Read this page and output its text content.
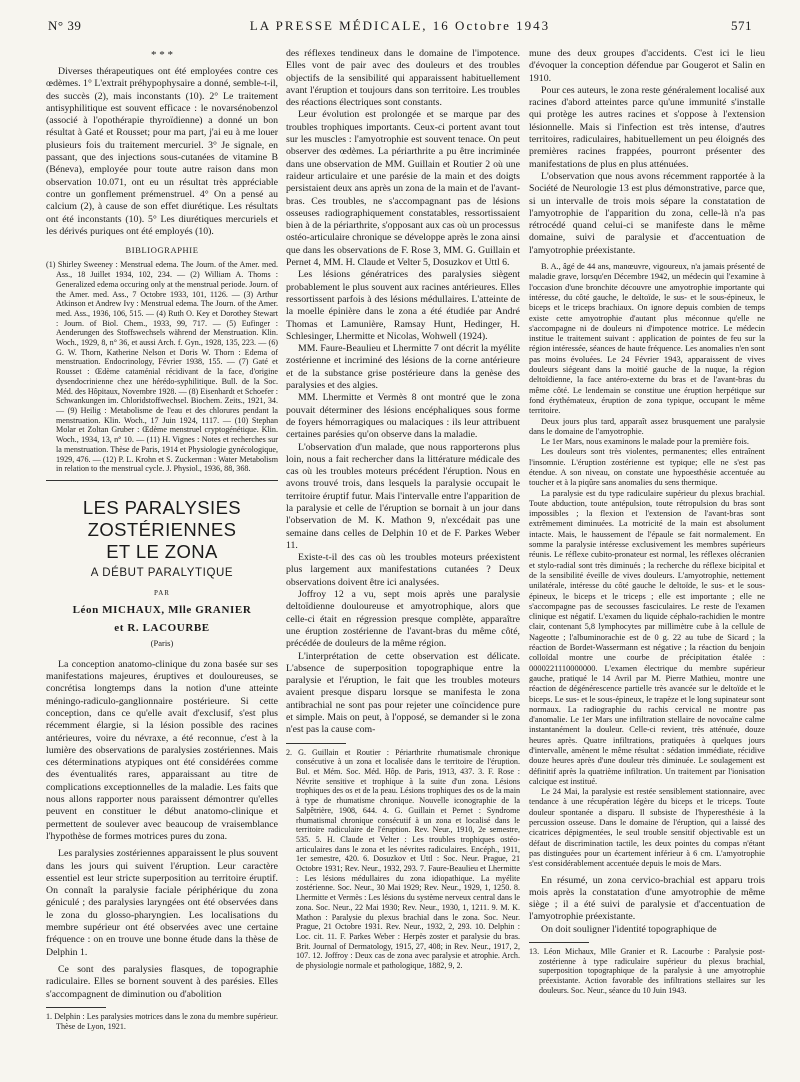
N° 39	LA PRESSE MÉDICALE, 16 Octobre 1943	571
* * *

Diverses thérapeutiques ont été employées contre ces œdèmes. 1° L'extrait préhypophysaire a donné, semble-t-il, des succès (2), mais inconstants (10). 2° Le traitement antisyphilitique est souvent efficace : le novarsénobenzol (associé à l'opothérapie thyroïdienne) a donné un bon résultat à Gaté et Rousset; pour ma part, j'ai eu à me louer plusieurs fois du traitement mercuriel. 3° Je signale, en passant, que des injections sous-cutanées de vitamine B (Béneva), employée pour toute autre raison dans mon observation 10.071, ont eu un résultat très appréciable contre un gonflement prémenstruel. 4° On a pensé au calcium (2), à cause de son effet diurétique. Les résultats ont été inconstants (10). 5° Les diurétiques mercuriels et les dérivés puriques ont été employés (10).

BIBLIOGRAPHIE

(1) Shirley Sweeney : Menstrual edema. The Journ. of the Amer. med. Ass., 18 Juillet 1934, 102, 234. — (2) William A. Thoms : Generalized edema occuring only at the menstrual periode. Journ. of the Amer. med. Ass., 7 Octobre 1933, 101, 1126. — (3) Arthur Atkinson et Andrew Ivy : Menstrual edema. The Journ. of the Amer. med. Ass., 1936, 106, 515. — (4) Ruth O. Key et Dorothey Stewart : Journ. of Biol. Chem., 1933, 99, 717. — (5) Eufinger : Aenderungen des Stoffswechsels während der Menstruation. Klin. Woch., 1929, 8, n° 36, et aussi Arch. f. Gyn., 1928, 135, 223. — (6) G. W. Thorn, Katherine Nelson et Doris W. Thorn : Edema of menstruation. Endocrinology, Février 1938, 155. — (7) Gaté et Rousset : Œdème cataménial récidivant de la face, d'origine dysendocrinienne chez une hérédo-syphilitique. Bull. de la Soc. Méd. des Hôpitaux, Novembre 1928. — (8) Eisenhardt et Schoefer : Schwankungen im. Chloridstoffwechsel. Biochem. Zeits., 1921, 34. — (9) Heilig : Metabolisme de l'eau et des chlorures pendant la menstruation. Klin. Woch., 17 Juin 1924, 1117. — (10) Stephan Molar et Zoltan Gruber : Œdème menstruel cryptogénétique. Klin. Woch., 1934, 13, n° 10. — (11) H. Vignes : Notes et recherches sur la menstruation. Thèse de Paris, 1914 et Physiologie gynécologique, 1929, 476. — (12) P. L. Krohn et S. Zuckerman : Water Metabolism in relation to the menstrual cycle. J. Physiol., 1936, 88, 368.

LES PARALYSIES ZOSTÉRIENNES
ET LE ZONA
A DÉBUT PARALYTIQUE
PAR
Léon MICHAUX, Mlle GRANIER
et R. LACOURBE
(Paris)

La conception anatomo-clinique du zona basée sur ses manifestations majeures, éruptives et douloureuses, se concrétisa longtemps dans la notion d'une atteinte méningo-radiculo-ganglionnaire postérieure. Si cette conception, dans ce qu'elle avait d'exclusif, s'est plus récemment élargie, si la lésion possible des racines antérieures, voire du névraxe, a été reconnue, c'est à la lumière des observations de paralysies zostériennes. Mais ces déterminations atypiques ont été considérées comme des éventualités rares, apparaissant au titre de complications exceptionnelles de la maladie. Les faits que nous allons rapporter nous paraissent démontrer qu'elles peuvent en constituer le début anatomo-clinique et permettent de soulever avec beaucoup de vraisemblance l'hypothèse de formes motrices pures du zona.

Les paralysies zostériennes apparaissent le plus souvent dans les jours qui suivent l'éruption. Leur caractère essentiel est leur stricte superposition au territoire éruptif. On connaît la paralysie faciale périphérique du zona géniculé ; des paralysies laryngées ont été observées dans le zona du glosso-pharyngien. Les localisations du membre supérieur ont été observées avec une certaine fréquence : on en trouve une bonne étude dans la thèse de Delphin 1.

Ce sont des paralysies flasques, de topographie radiculaire. Elles se bornent souvent à des parésies. Elles s'accompagnent de diminution ou d'abolition

1. Delphin : Les paralysies motrices dans le zona du membre supérieur. Thèse de Lyon, 1921.

des réflexes tendineux dans le domaine de l'impotence. Elles vont de pair avec des douleurs et des troubles objectifs de la sensibilité qui apparaissent habituellement avant l'éruption et toujours dans son territoire. Les troubles des réactions électriques sont constants.

Leur évolution est prolongée et se marque par des troubles trophiques importants. Ceux-ci portent avant tout sur les muscles : l'amyotrophie est souvent tenace. On peut observer des œdèmes. La périarthrite a pu être incriminée dans une observation de MM. Guillain et Routier 2 où une raideur articulaire et une parésie de la main et des doigts persistaient deux ans après un zona de la main et de l'avant-bras. Ces troubles, ne s'accompagnant pas de lésions osseuses radiographiquement constatables, ressortissaient bien à de la périarthrite, s'opposant aux cas où un processus ostéo-articulaire chronique se développe après le zona ainsi que dans les observations de F. Rose 3, MM. G. Guillain et Pernet 4, MM. H. Claude et Velter 5, Dosuzkov et Uttl 6.

Les lésions génératrices des paralysies siègent probablement le plus souvent aux racines antérieures. Elles ressortissent parfois à des lésions médullaires. L'atteinte de la moelle épinière dans le zona a été étudiée par André Thomas et Lamunière, Ramsay Hunt, Hedinger, H. Schlesinger, Lhermitte et Nicolas, Wohwell (1924).

MM. Faure-Beaulieu et Lhermitte 7 ont décrit la myélite zostérienne et incriminé des lésions de la corne antérieure et de la substance grise postérieure dans la genèse des paralysies et des algies.

MM. Lhermitte et Vermès 8 ont montré que le zona pouvait déterminer des lésions encéphaliques sous forme de foyers hémorragiques ou malaciques : ils leur attribuent certaines parésies qu'on observe dans la maladie.

L'observation d'un malade, que nous rapporterons plus loin, nous a fait rechercher dans la littérature médicale des cas où les troubles moteurs précédent l'éruption. Nous en avons trouvé trois, dans lesquels la paralysie occupait le territoire éruptif futur. Mais l'intervalle entre l'apparition de la paralysie et celle de l'éruption se bornait à un jour dans l'observation de M. K. Mathon 9, n'excédait pas une semaine dans celles de Delphin 10 et de F. Parkes Weber 11.

Existe-t-il des cas où les troubles moteurs préexistent plus largement aux manifestations cutanées ? Deux observations doivent être ici analysées.

Joffroy 12 a vu, sept mois après une paralysie deltoïdienne douloureuse et amyotrophique, alors que celle-ci était en régression presque complète, apparaître une éruption zostérienne de l'avant-bras du même côté, précédée de douleurs de la même région.

L'interprétation de cette observation est délicate. L'absence de superposition topographique entre la paralysie et l'éruption, le fait que les troubles moteurs avaient presque disparu lorsque se manifesta le zona antibrachial ne sont pas pour rejeter une coïncidence pure et simple. Mais on peut, à l'opposé, se demander si le zona n'est pas la cause com-

2. G. Guillain et Routier : Périarthrite rhumatismale chronique consécutive à un zona et localisée dans le territoire de l'éruption. Bul. et Mém. Soc. Méd. Hôp. de Paris, 1913, 437. 3. F. Rose : Névrite sensitive et trophique à la suite d'un zona. Lésions trophiques des os et de la peau. Lésions trophiques des os de la main à type de rhumatisme chronique. Nouvelle iconographie de la Salpêtrière, 1908, 644. 4. G. Guillain et Pernet : Syndrome rhumatismal chronique consécutif à un zona et localisé dans le territoire radiculaire de l'éruption. Rev. Neur., 1910, 2e semestre, 535. 5. H. Claude et Velter : Les troubles trophiques ostéo-articulaires dans le zona et les névrites radiculaires. Encéph., 1911, 1er semestre, 420. 6. Dosuzkov et Uttl : Soc. Neur. Prague, 21 Octobre 1931; Rev. Neur., 1932, 293. 7. Faure-Beaulieu et Lhermitte : Les lésions médullaires du zona idiopathique. La myélite zostérienne. Soc. Neur., 30 Mai 1929; Rev. Neur., 1929, 1, 1250. 8. Lhermitte et Vermès : Les lésions du système nerveux central dans le zona. Soc. Neur., 22 Mai 1930; Rev. Neur., 1930, 1, 1211. 9. M. K. Mathon : Paralysie du plexus brachial dans le zona. Soc. Neur. Prague, 21 Octobre 1931. Rev. Neur., 1932, 2, 293. 10. Delphin : Loc. cit. 11. F. Parkes Weber : Herpès zoster et paralysie du bras. Brit. Journal of Dermatology, 1915, 27, 408; in Rev. Neur., 1917, 2, 107. 12. Joffroy : Deux cas de zona avec paralysie et atrophie. Arch. de physiologie normale et pathologique, 1882, 9, 2.

mune des deux groupes d'accidents. C'est ici le lieu d'évoquer la conception défendue par Gougerot et Salin en 1910.

Pour ces auteurs, le zona reste généralement localisé aux racines d'abord atteintes parce qu'une immunité s'installe qui protège les autres racines et s'oppose à l'extension lésionnelle. Mais si l'infection est très intense, d'autres territoires, radiculaires, habituellement un peu éloignés des premières racines frappées, pourront présenter des manifestations de plus en plus atténuées.

L'observation que nous avons récemment rapportée à la Société de Neurologie 13 est plus démonstrative, parce que, si un intervalle de trois mois sépare la constatation de l'amyotrophie de l'apparition du zona, celle-là n'a pas rétrocédé quand celui-ci se manifeste dans le même domaine, suivi de paralysie et d'accentuation de l'amyotrophie préexistante.

B. A., âgé de 44 ans, manœuvre, vigoureux, n'a jamais présenté de maladie grave, lorsqu'en Décembre 1942, un médecin qui l'examine à l'occasion d'une bronchite découvre une amyotrophie importante qui intéresse, du côté gauche, le deltoïde, le sus- et le sous-épineux, le biceps et le triceps brachiaux. On ignore depuis combien de temps existe cette amyotrophie d'autant plus méconnue qu'elle ne s'accompagne ni de douleurs ni d'impotence motrice. Le médecin institue le traitement suivant : application de pointes de feu sur la région intéressée, séances de haute fréquence. Les anomalies n'en sont pas moins évoluées. Le 24 Février 1943, apparaissent de vives douleurs siégeant dans la moitié gauche de la nuque, la région deltoïdienne, la face antéro-externe du bras et de l'avant-bras du même côté. Le lendemain se constitue une éruption herpétique sur fond érythémateux, éruption de zona typique, occupant le même territoire.

Deux jours plus tard, apparaît assez brusquement une paralysie dans le domaine de l'amyotrophie.

Le 1er Mars, nous examinons le malade pour la première fois.

Les douleurs sont très violentes, permanentes; elles entraînent l'insomnie. L'éruption zostérienne est typique; elle ne s'est pas étendue. A son niveau, on constate une hypoesthésie accentuée au toucher et à la piqûre sans anomalies du sens thermique.

La paralysie est du type radiculaire supérieur du plexus brachial. Toute abduction, toute antépulsion, toute rétropulsion du bras sont impossibles ; la flexion et l'extension de l'avant-bras sont extrêmement diminuées. La motricité de la main est absolument intacte. Mais, le haussement de l'épaule se fait normalement. En somme la paralysie intéresse exclusivement les membres supérieurs réunis. Le réflexe cubito-pronateur est normal, les réflexes olécranien et stylo-radial sont très diminués ; la recherche du réflexe bicipital et de la sensibilité éveille de vives douleurs. L'amyotrophie, nettement unilatérale, intéresse du côté gauche le deltoïde, le sus- et le sous-épineux, le biceps et le triceps ; elle est importante ; elle ne s'accompagne pas de secousses fasciculaires. Le reste de l'examen clinique est négatif. L'examen du liquide céphalo-rachidien le montre clair, contenant 5,8 lymphocytes par millimètre cube à la cellule de Nageotte ; l'albuminorachie est de 0 g. 22 au tube de Sicard ; la réaction de Bordet-Wassermann est négative ; la réaction du benjoin colloïdal montre une courbe de précipitation étalée : 0000221110000000. L'examen électrique du membre supérieur gauche, pratiqué le 14 Avril par M. Pierre Mathieu, montre une réaction de dégénérescence partielle très avancée sur le deltoïde et le biceps. Le sus- et le sous-épineux, le trapèze et le long supinateur sont normaux. La radiographie du rachis cervical ne montre pas d'anomalie. Le 1er Mars une infiltration stellaire de novocaïne calme instantanément la douleur. Celle-ci revient, très atténuée, douze heures après. Quatre infiltrations, pratiquées à quelques jours d'intervalle, amènent le même résultat : sédation immédiate, récidive douze heures après d'une douleur très diminuée. Le soulagement est définitif après la quatrième infiltration. Un traitement par l'ionisation calcique est institué.

Le 24 Mai, la paralysie est restée sensiblement stationnaire, avec tendance à une récupération légère du biceps et le triceps. Toute douleur spontanée a disparu. Il subsiste de l'hyperesthésie à la percussion osseuse. Dans le domaine de l'éruption, qui a laissé des cicatrices dépigmentées, le seul trouble sensitif objectivable est un défaut de discrimination tactile, les deux pointes du compas n'étant pas distinguées pour un écartement inférieur à 6 cm. L'amyotrophie s'est considérablement accentuée depuis le mois de Mars.

En résumé, un zona cervico-brachial est apparu trois mois après la constatation d'une amyotrophie de même siège ; il a été suivi de paralysie et d'accentuation de l'amyotrophie préexistante.

On doit souligner l'identité topographique de

13. Léon Michaux, Mlle Granier et R. Lacourbe : Paralysie post-zostérienne à type radiculaire supérieur du plexus brachial, superposition topographique de la paralysie à une amyotrophie préexistante. Action favorable des infiltrations stellaires sur les douleurs. Soc. Neur., séance du 10 Juin 1943.
